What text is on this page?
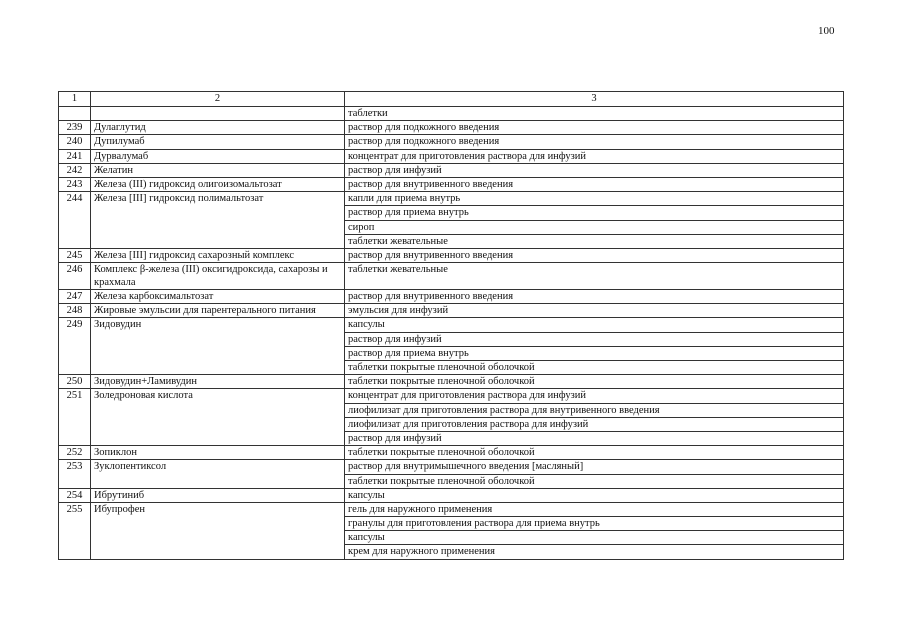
100
1	2	3
		таблетки
239	Дулаглутид	раствор для подкожного введения
240	Дупилумаб	раствор для подкожного введения
241	Дурвалумаб	концентрат для приготовления раствора для инфузий
242	Желатин	раствор для инфузий
243	Железа (III) гидроксид олигоизомальтозат	раствор для внутривенного введения
244	Железа [III] гидроксид полимальтозат	капли для приема внутрь
		раствор для приема внутрь
		сироп
		таблетки жевательные
245	Железа [III] гидроксид сахарозный комплекс	раствор для внутривенного введения
246	Комплекс β-железа (III) оксигидроксида, сахарозы и крахмала	таблетки жевательные
247	Железа карбоксимальтозат	раствор для внутривенного введения
248	Жировые эмульсии для парентерального питания	эмульсия для инфузий
249	Зидовудин	капсулы
		раствор для инфузий
		раствор для приема внутрь
		таблетки покрытые пленочной оболочкой
250	Зидовудин+Ламивудин	таблетки покрытые пленочной оболочкой
251	Золедроновая кислота	концентрат для приготовления раствора для инфузий
		лиофилизат для приготовления раствора для внутривенного введения
		лиофилизат для приготовления раствора для инфузий
		раствор для инфузий
252	Зопиклон	таблетки покрытые пленочной оболочкой
253	Зуклопентиксол	раствор для внутримышечного введения [масляный]
		таблетки покрытые пленочной оболочкой
254	Ибрутиниб	капсулы
255	Ибупрофен	гель для наружного применения
		гранулы для приготовления раствора для приема внутрь
		капсулы
		крем для наружного применения
